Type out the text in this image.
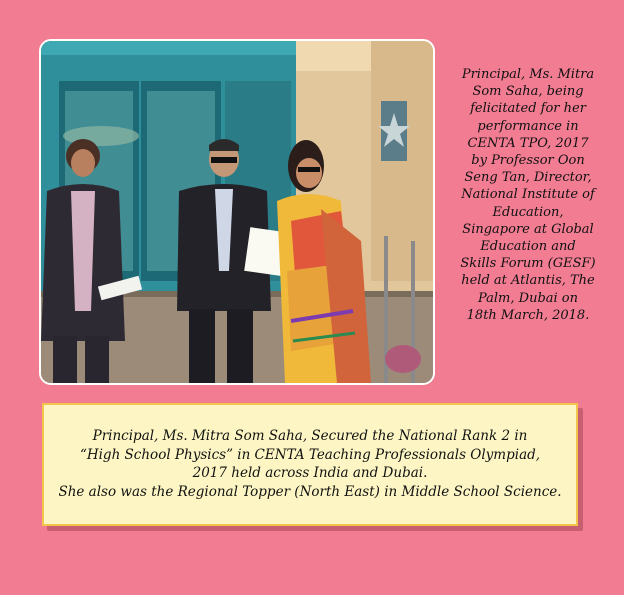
Principal, Ms. Mitra
Som Saha, being
felicitated for her
performance in
CENTA TPO, 2017
by Professor Oon
Seng Tan, Director,
National Institute of
Education,
Singapore at Global
Education and
Skills Forum (GESF)
held at Atlantis, The
Palm, Dubai on
18th March, 2018.

Principal, Ms. Mitra Som Saha, Secured the National Rank 2 in
“High School Physics” in CENTA Teaching Professionals Olympiad,
2017 held across India and Dubai.
She also was the Regional Topper (North East) in Middle School Science.
